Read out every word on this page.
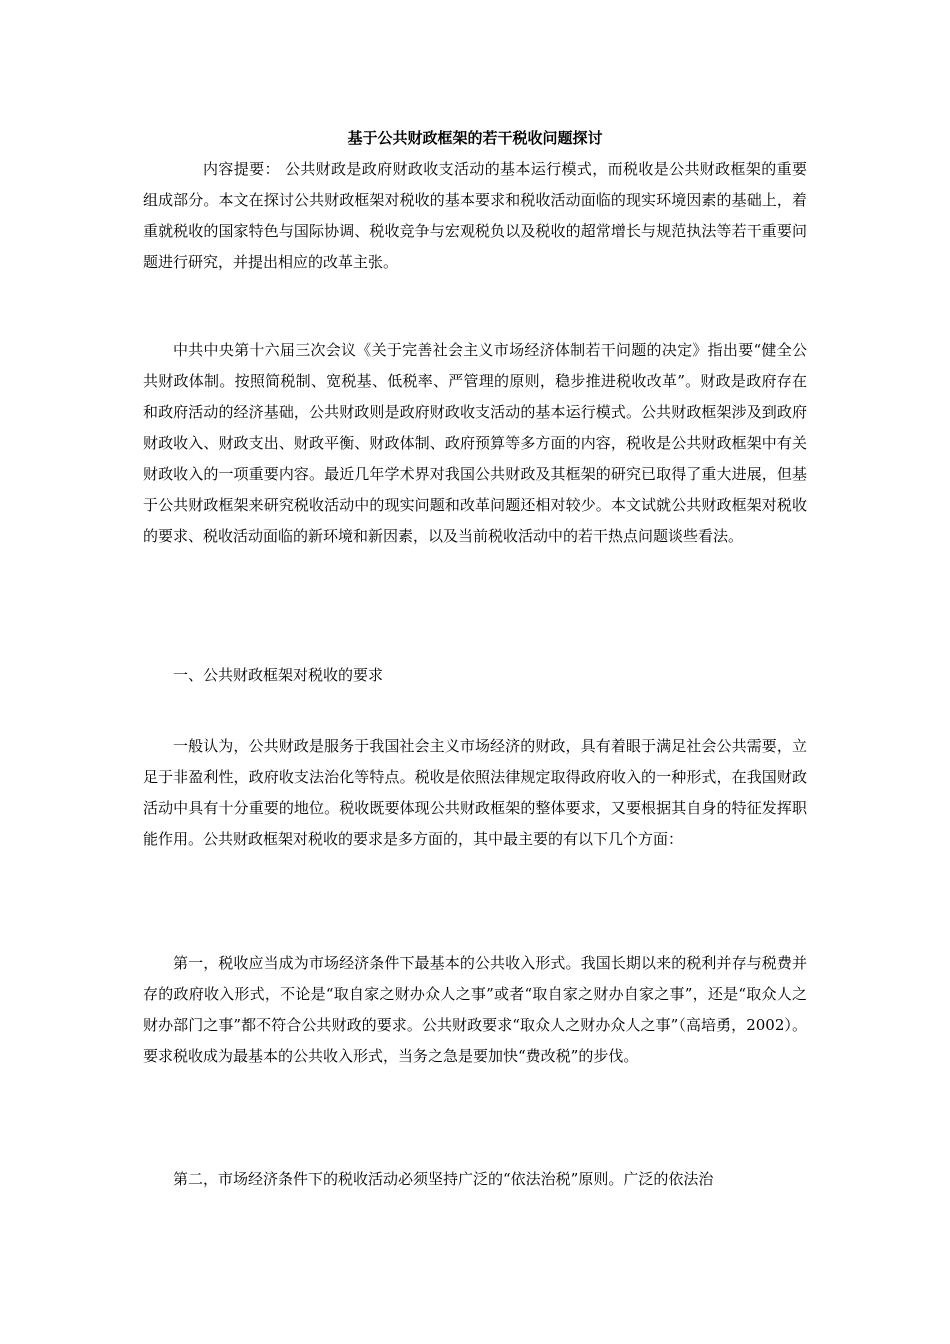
基于公共财政框架的若干税收问题探讨

内容提要： 公共财政是政府财政收支活动的基本运行模式，而税收是公共财政框架的重要组成部分。本文在探讨公共财政框架对税收的基本要求和税收活动面临的现实环境因素的基础上，着重就税收的国家特色与国际协调、税收竞争与宏观税负以及税收的超常增长与规范执法等若干重要问题进行研究，并提出相应的改革主张。

中共中央第十六届三次会议《关于完善社会主义市场经济体制若干问题的决定》指出要“健全公共财政体制。按照简税制、宽税基、低税率、严管理的原则，稳步推进税收改革”。财政是政府存在和政府活动的经济基础，公共财政则是政府财政收支活动的基本运行模式。公共财政框架涉及到政府财政收入、财政支出、财政平衡、财政体制、政府预算等多方面的内容，税收是公共财政框架中有关财政收入的一项重要内容。最近几年学术界对我国公共财政及其框架的研究已取得了重大进展，但基于公共财政框架来研究税收活动中的现实问题和改革问题还相对较少。本文试就公共财政框架对税收的要求、税收活动面临的新环境和新因素，以及当前税收活动中的若干热点问题谈些看法。

一、公共财政框架对税收的要求

一般认为，公共财政是服务于我国社会主义市场经济的财政，具有着眼于满足社会公共需要，立足于非盈利性，政府收支法治化等特点。税收是依照法律规定取得政府收入的一种形式，在我国财政活动中具有十分重要的地位。税收既要体现公共财政框架的整体要求，又要根据其自身的特征发挥职能作用。公共财政框架对税收的要求是多方面的，其中最主要的有以下几个方面：

第一，税收应当成为市场经济条件下最基本的公共收入形式。我国长期以来的税利并存与税费并存的政府收入形式，不论是“取自家之财办众人之事”或者“取自家之财办自家之事”，还是“取众人之财办部门之事”都不符合公共财政的要求。公共财政要求“取众人之财办众人之事”（高培勇，2002）。要求税收成为最基本的公共收入形式，当务之急是要加快“费改税”的步伐。

第二，市场经济条件下的税收活动必须坚持广泛的“依法治税”原则。广泛的依法治
